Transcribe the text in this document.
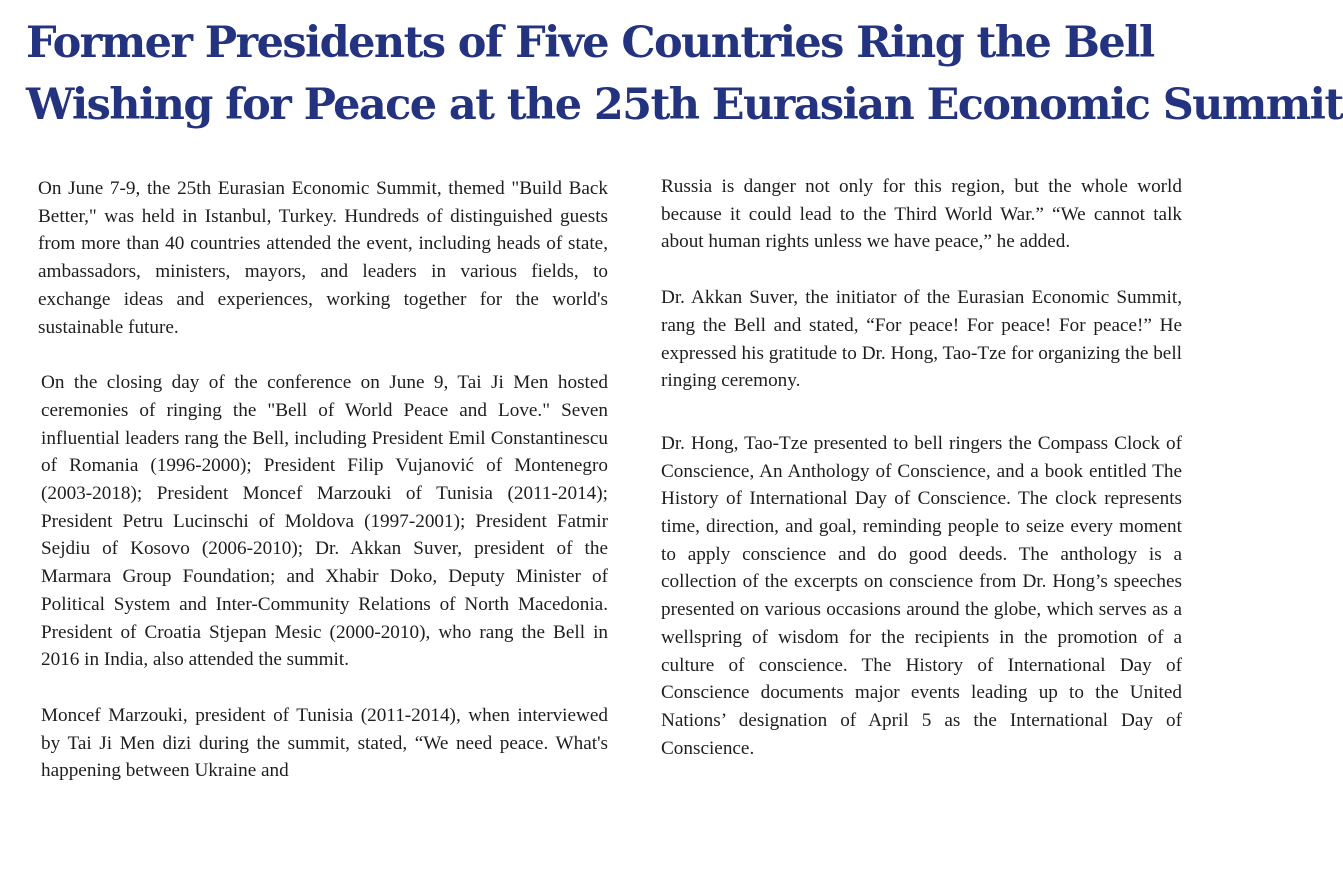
Former Presidents of Five Countries Ring the Bell
Wishing for Peace at the 25th Eurasian Economic Summit

On June 7-9, the 25th Eurasian Economic Summit, themed "Build Back Better," was held in Istanbul, Turkey. Hundreds of distinguished guests from more than 40 countries attended the event, including heads of state, ambassadors, ministers, mayors, and leaders in various fields, to exchange ideas and experiences, working together for the world's sustainable future.

On the closing day of the conference on June 9, Tai Ji Men hosted ceremonies of ringing the "Bell of World Peace and Love." Seven influential leaders rang the Bell, including President Emil Constantinescu of Romania (1996-2000); President Filip Vujanović of Montenegro (2003-2018); President Moncef Marzouki of Tunisia (2011-2014); President Petru Lucinschi of Moldova (1997-2001); President Fatmir Sejdiu of Kosovo (2006-2010); Dr. Akkan Suver, president of the Marmara Group Foundation; and Xhabir Doko, Deputy Minister of Political System and Inter-Community Relations of North Macedonia. President of Croatia Stjepan Mesic (2000-2010), who rang the Bell in 2016 in India, also attended the summit.

Moncef Marzouki, president of Tunisia (2011-2014), when interviewed by Tai Ji Men dizi during the summit, stated, “We need peace. What's happening between Ukraine and

Russia is danger not only for this region, but the whole world because it could lead to the Third World War.” “We cannot talk about human rights unless we have peace,” he added.

Dr. Akkan Suver, the initiator of the Eurasian Economic Summit, rang the Bell and stated, “For peace! For peace! For peace!” He expressed his gratitude to Dr. Hong, Tao-Tze for organizing the bell ringing ceremony.

Dr. Hong, Tao-Tze presented to bell ringers the Compass Clock of Conscience, An Anthology of Conscience, and a book entitled The History of International Day of Conscience. The clock represents time, direction, and goal, reminding people to seize every moment to apply conscience and do good deeds. The anthology is a collection of the excerpts on conscience from Dr. Hong’s speeches presented on various occasions around the globe, which serves as a wellspring of wisdom for the recipients in the promotion of a culture of conscience. The History of International Day of Conscience documents major events leading up to the United Nations’ designation of April 5 as the International Day of Conscience.
